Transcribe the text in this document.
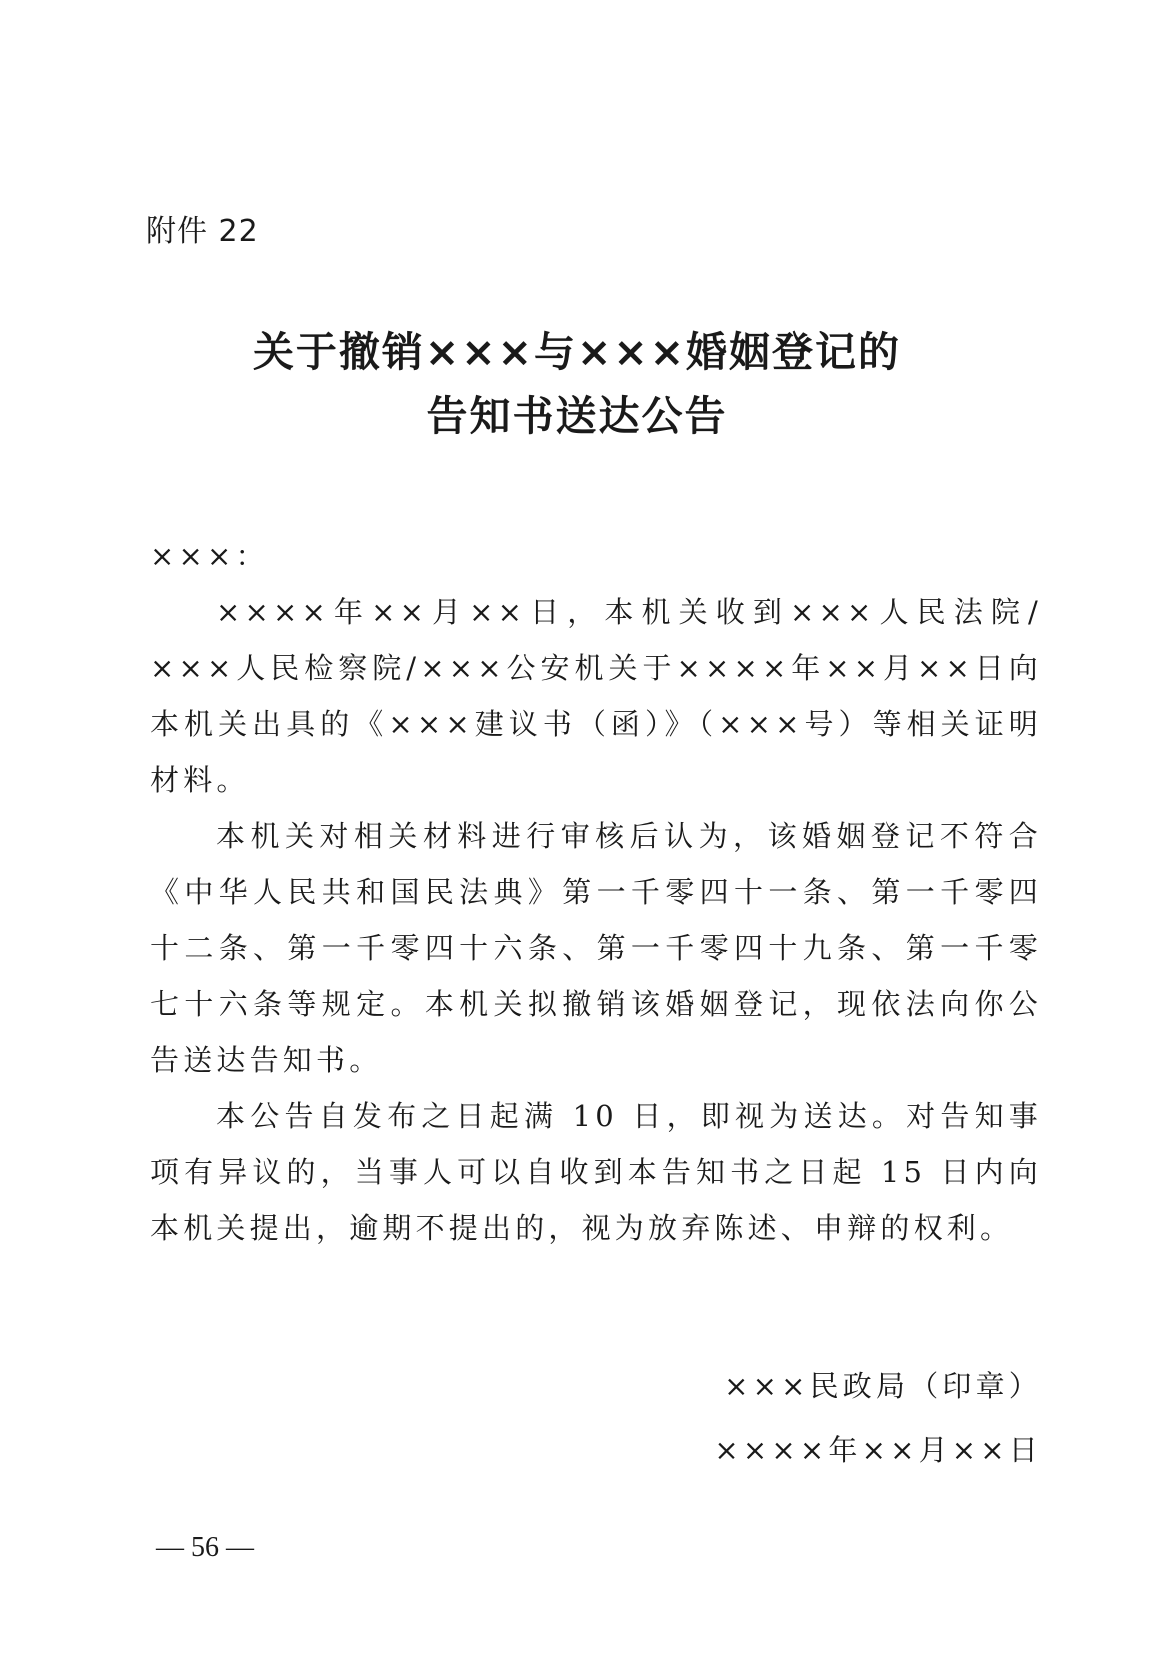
附件 22
关于撤销×××与×××婚姻登记的
告知书送达公告

×××：

××××年××月××日，本机关收到×××人民法院/×××人民检察院/×××公安机关于××××年××月××日向本机关出具的《×××建议书（函）》（×××号）等相关证明材料。

本机关对相关材料进行审核后认为，该婚姻登记不符合《中华人民共和国民法典》第一千零四十一条、第一千零四十二条、第一千零四十六条、第一千零四十九条、第一千零七十六条等规定。本机关拟撤销该婚姻登记，现依法向你公告送达告知书。

本公告自发布之日起满 10 日，即视为送达。对告知事项有异议的，当事人可以自收到本告知书之日起 15 日内向本机关提出，逾期不提出的，视为放弃陈述、申辩的权利。

×××民政局（印章）
××××年××月××日
— 56 —
